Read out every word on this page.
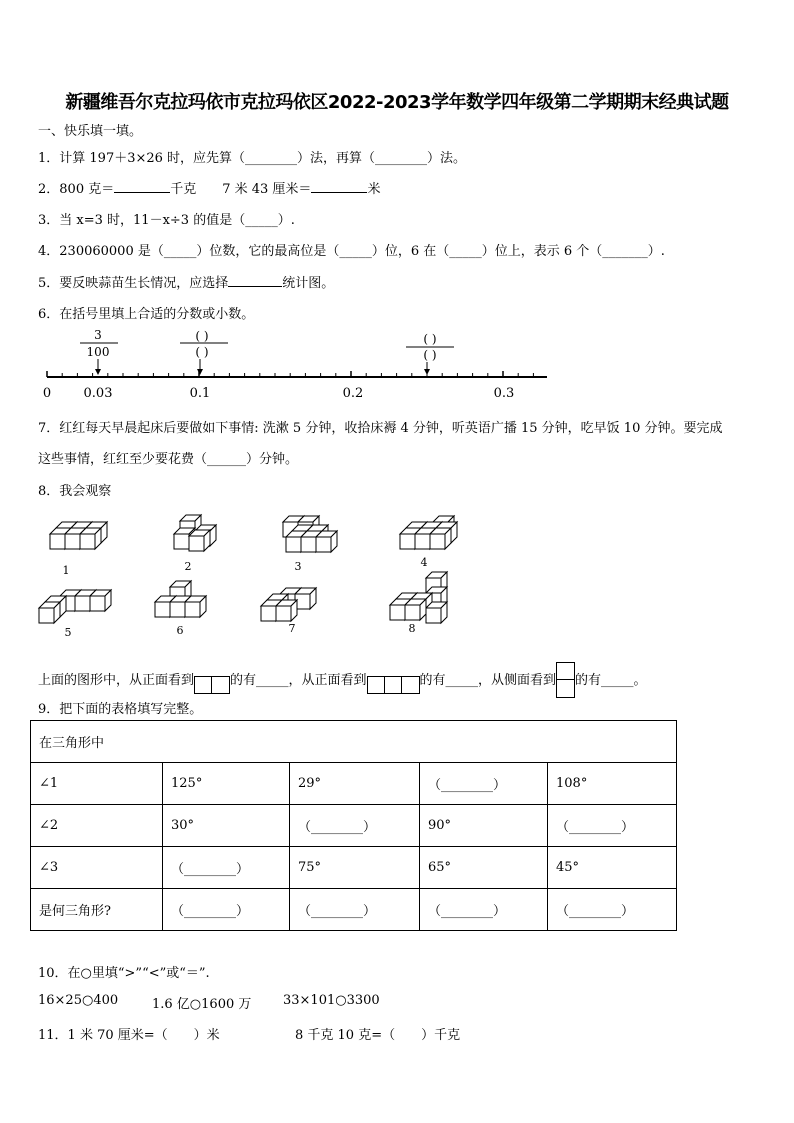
新疆维吾尔克拉玛依市克拉玛依区2022-2023学年数学四年级第二学期期末经典试题
一、快乐填一填。
1．计算 197＋3×26 时，应先算（________）法，再算（________）法。
2．800 克＝	千克　　7 米 43 厘米＝	米
3．当 x=3 时，11－x÷3 的值是（_____）.
4．230060000 是（_____）位数，它的最高位是（_____）位，6 在（_____）位上，表示 6 个（_______）.
5．要反映蒜苗生长情况，应选择	统计图。
6．在括号里填上合适的分数或小数。
3
100
( )
( )
( )
( )
0 0.03	0.1	0.2	0.3
7．红红每天早晨起床后要做如下事情: 洗漱 5 分钟，收拾床褥 4 分钟，听英语广播 15 分钟，吃早饭 10 分钟。要完成
这些事情，红红至少要花费（______）分钟。
8．我会观察
1	2	3	4
5	6	7	8
上面的图形中，从正面看到	的有_____，从正面看到	的有_____，从侧面看到 的有_____。
9．把下面的表格填写完整。
在三角形中				
∠1	125°	29°	（________）	108°
∠2	30°	（________）	90°	（________）
∠3	（________）	75°	65°	45°
是何三角形?	（________）	（________）	（________）	（________）
10．在○里填“>”“<”或“＝”.
16×25○400	1.6 亿○1600 万 33×101○3300
11．1 米 70 厘米=（　　）米	8 千克 10 克=（　　）千克
